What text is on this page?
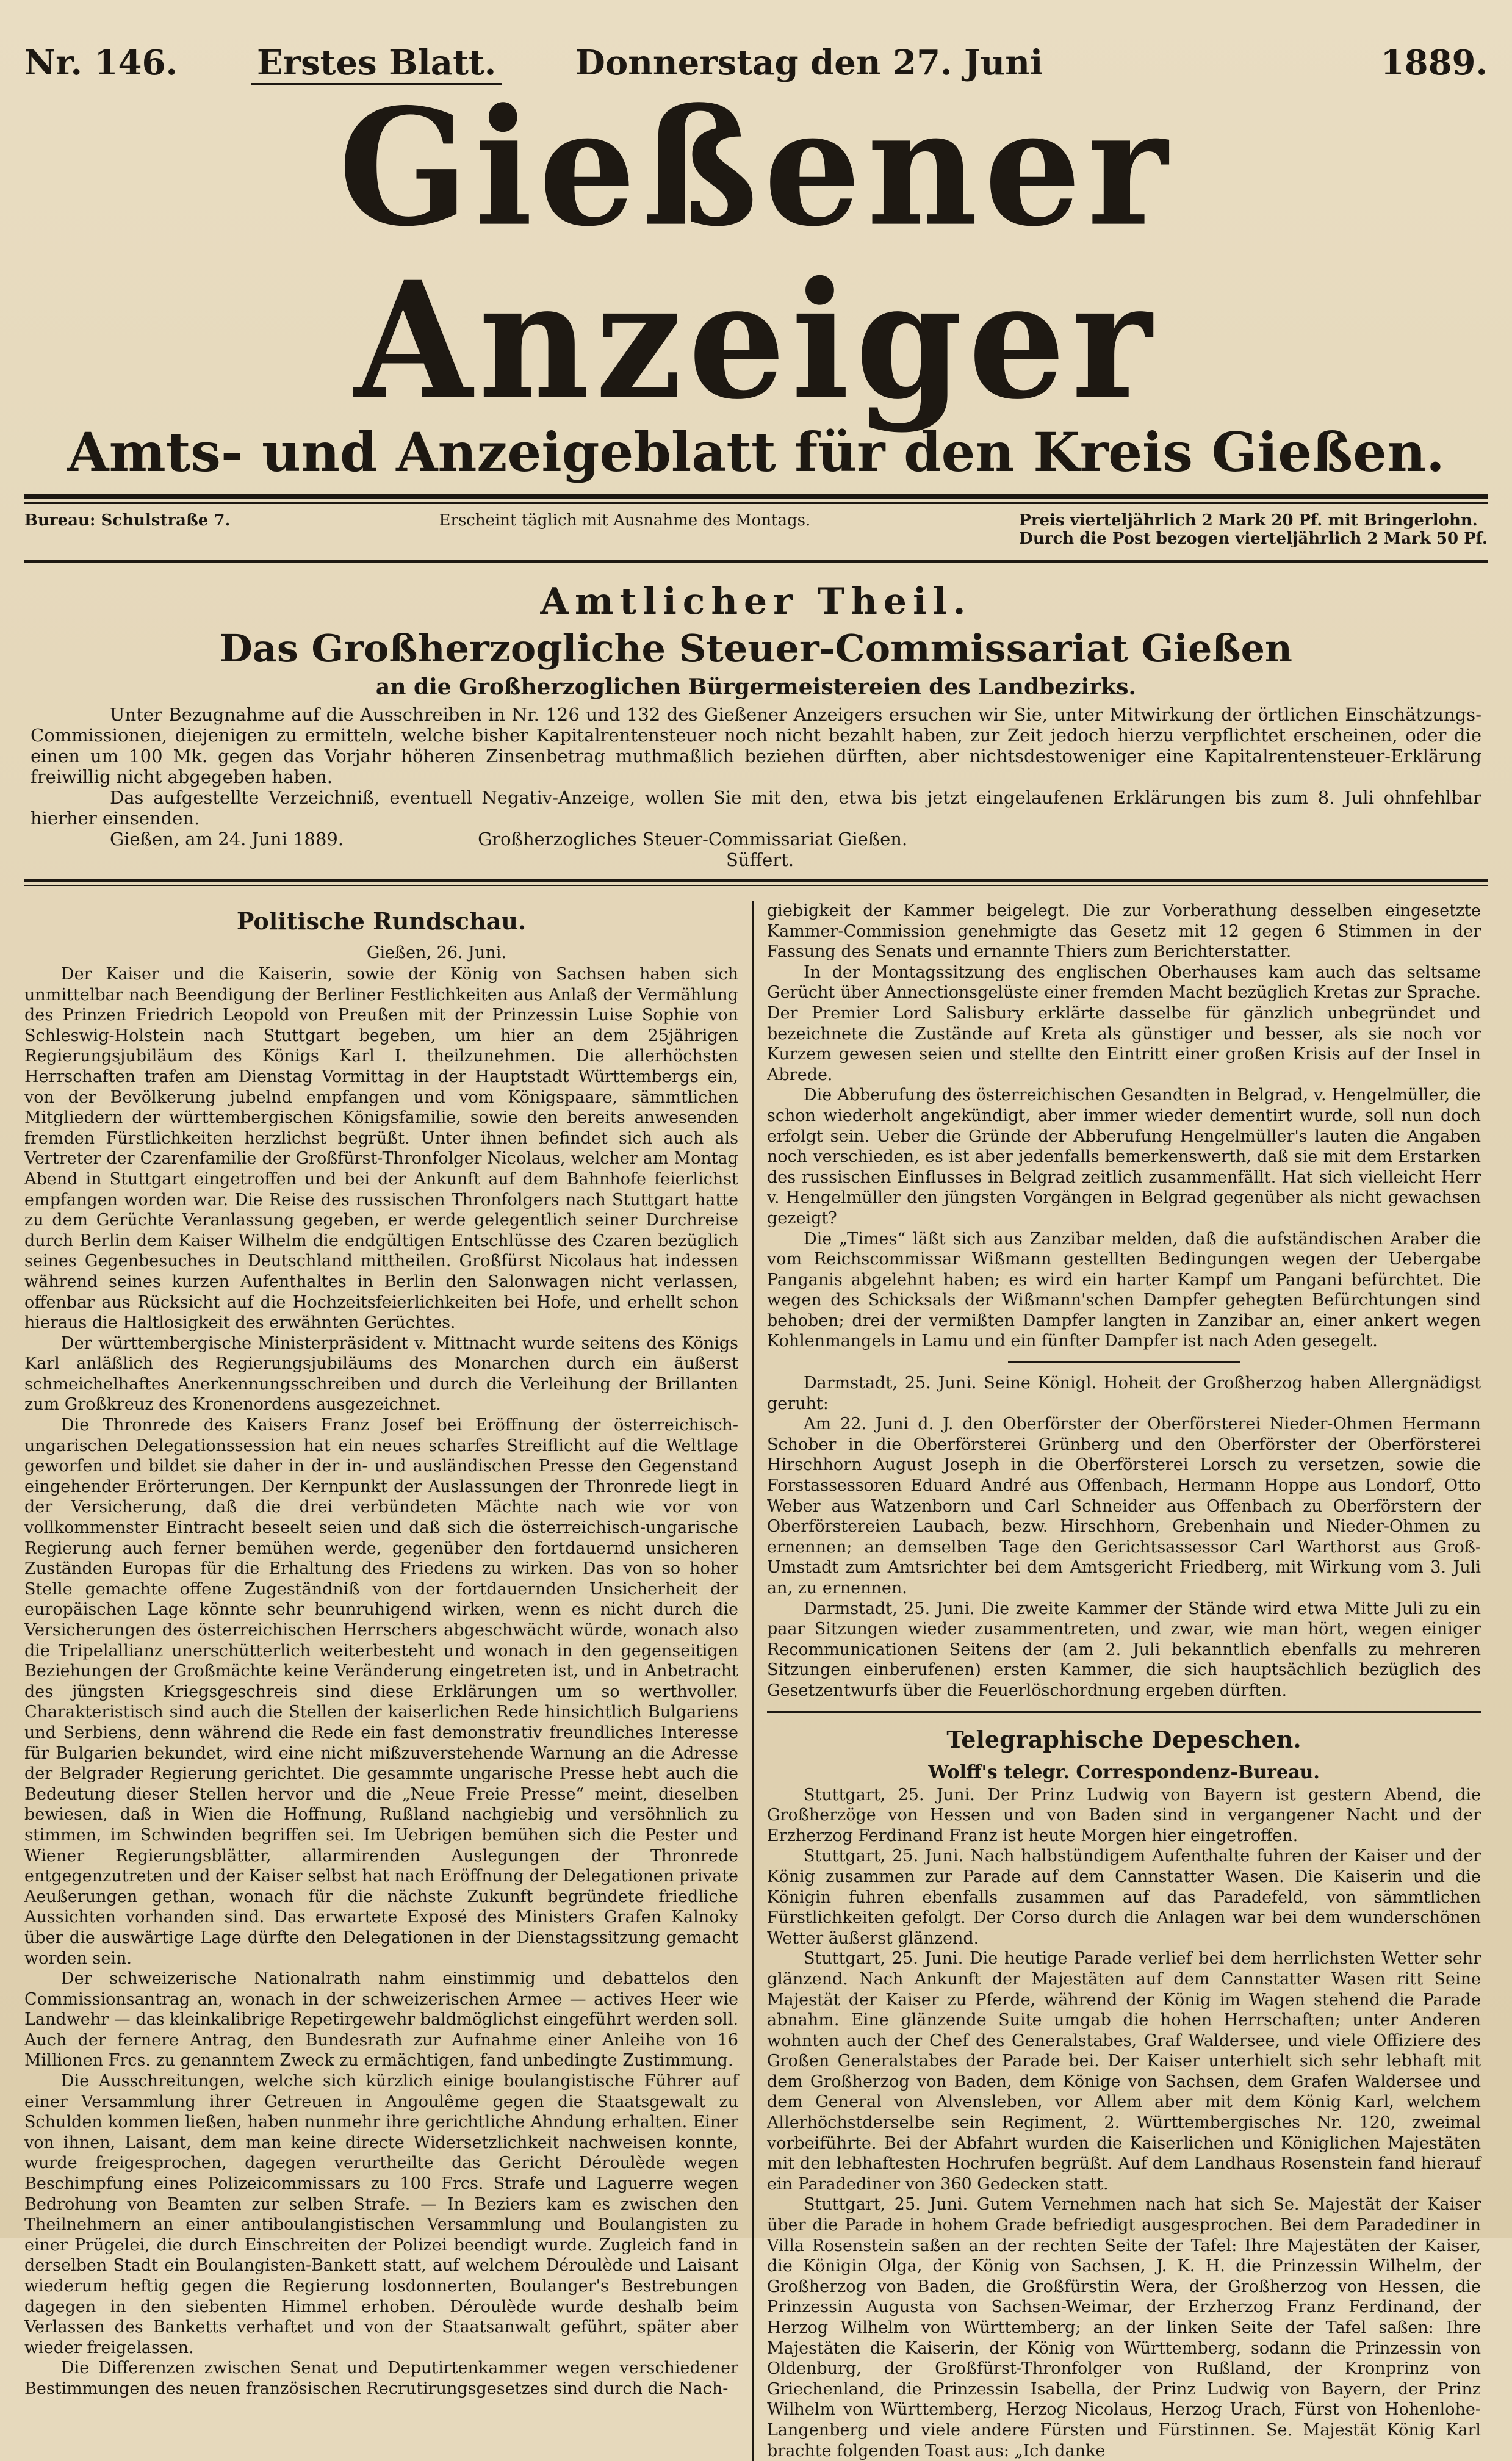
Nr. 146. Erstes Blatt. Donnerstag den 27. Juni	1889.
Gießener Anzeiger
Amts- und Anzeigeblatt für den Kreis Gießen.
Bureau: Schulstraße 7.	Erscheint täglich mit Ausnahme des Montags.	Preis vierteljährlich 2 Mark 20 Pf. mit Bringerlohn.
Durch die Post bezogen vierteljährlich 2 Mark 50 Pf.
Amtlicher Theil.
Das Großherzogliche Steuer-Commissariat Gießen
an die Großherzoglichen Bürgermeistereien des Landbezirks.

Unter Bezugnahme auf die Ausschreiben in Nr. 126 und 132 des Gießener Anzeigers ersuchen wir Sie, unter Mitwirkung der örtlichen Einschätzungs-Commissionen, diejenigen zu ermitteln, welche bisher Kapitalrentensteuer noch nicht bezahlt haben, zur Zeit jedoch hierzu verpflichtet erscheinen, oder die einen um 100 Mk. gegen das Vorjahr höheren Zinsenbetrag muthmaßlich beziehen dürften, aber nichtsdestoweniger eine Kapitalrentensteuer-Erklärung freiwillig nicht abgegeben haben.

Das aufgestellte Verzeichniß, eventuell Negativ-Anzeige, wollen Sie mit den, etwa bis jetzt eingelaufenen Erklärungen bis zum 8. Juli ohnfehlbar hierher einsenden.

Gießen, am 24. Juni 1889.	Großherzogliches Steuer-Commissariat Gießen.
Süffert.
Politische Rundschau.
Gießen, 26. Juni.

Der Kaiser und die Kaiserin, sowie der König von Sachsen haben sich unmittelbar nach Beendigung der Berliner Festlichkeiten aus Anlaß der Vermählung des Prinzen Friedrich Leopold von Preußen mit der Prinzessin Luise Sophie von Schleswig-Holstein nach Stuttgart begeben, um hier an dem 25jährigen Regierungsjubiläum des Königs Karl I. theilzunehmen. Die allerhöchsten Herrschaften trafen am Dienstag Vormittag in der Hauptstadt Württembergs ein, von der Bevölkerung jubelnd empfangen und vom Königspaare, sämmtlichen Mitgliedern der württembergischen Königsfamilie, sowie den bereits anwesenden fremden Fürstlichkeiten herzlichst begrüßt. Unter ihnen befindet sich auch als Vertreter der Czarenfamilie der Großfürst-Thronfolger Nicolaus, welcher am Montag Abend in Stuttgart eingetroffen und bei der Ankunft auf dem Bahnhofe feierlichst empfangen worden war. Die Reise des russischen Thronfolgers nach Stuttgart hatte zu dem Gerüchte Veranlassung gegeben, er werde gelegentlich seiner Durchreise durch Berlin dem Kaiser Wilhelm die endgültigen Entschlüsse des Czaren bezüglich seines Gegenbesuches in Deutschland mittheilen. Großfürst Nicolaus hat indessen während seines kurzen Aufenthaltes in Berlin den Salonwagen nicht verlassen, offenbar aus Rücksicht auf die Hochzeitsfeierlichkeiten bei Hofe, und erhellt schon hieraus die Haltlosigkeit des erwähnten Gerüchtes.

Der württembergische Ministerpräsident v. Mittnacht wurde seitens des Königs Karl anläßlich des Regierungsjubiläums des Monarchen durch ein äußerst schmeichelhaftes Anerkennungsschreiben und durch die Verleihung der Brillanten zum Großkreuz des Kronenordens ausgezeichnet.

Die Thronrede des Kaisers Franz Josef bei Eröffnung der österreichisch-ungarischen Delegationssession hat ein neues scharfes Streiflicht auf die Weltlage geworfen und bildet sie daher in der in- und ausländischen Presse den Gegenstand eingehender Erörterungen. Der Kernpunkt der Auslassungen der Thronrede liegt in der Versicherung, daß die drei verbündeten Mächte nach wie vor von vollkommenster Eintracht beseelt seien und daß sich die österreichisch-ungarische Regierung auch ferner bemühen werde, gegenüber den fortdauernd unsicheren Zuständen Europas für die Erhaltung des Friedens zu wirken. Das von so hoher Stelle gemachte offene Zugeständniß von der fortdauernden Unsicherheit der europäischen Lage könnte sehr beunruhigend wirken, wenn es nicht durch die Versicherungen des österreichischen Herrschers abgeschwächt würde, wonach also die Tripelallianz unerschütterlich weiterbesteht und wonach in den gegenseitigen Beziehungen der Großmächte keine Veränderung eingetreten ist, und in Anbetracht des jüngsten Kriegsgeschreis sind diese Erklärungen um so werthvoller. Charakteristisch sind auch die Stellen der kaiserlichen Rede hinsichtlich Bulgariens und Serbiens, denn während die Rede ein fast demonstrativ freundliches Interesse für Bulgarien bekundet, wird eine nicht mißzuverstehende Warnung an die Adresse der Belgrader Regierung gerichtet. Die gesammte ungarische Presse hebt auch die Bedeutung dieser Stellen hervor und die „Neue Freie Presse“ meint, dieselben bewiesen, daß in Wien die Hoffnung, Rußland nachgiebig und versöhnlich zu stimmen, im Schwinden begriffen sei. Im Uebrigen bemühen sich die Pester und Wiener Regierungsblätter, allarmirenden Auslegungen der Thronrede entgegenzutreten und der Kaiser selbst hat nach Eröffnung der Delegationen private Aeußerungen gethan, wonach für die nächste Zukunft begründete friedliche Aussichten vorhanden sind. Das erwartete Exposé des Ministers Grafen Kalnoky über die auswärtige Lage dürfte den Delegationen in der Dienstagssitzung gemacht worden sein.

Der schweizerische Nationalrath nahm einstimmig und debattelos den Commissionsantrag an, wonach in der schweizerischen Armee — actives Heer wie Landwehr — das kleinkalibrige Repetirgewehr baldmöglichst eingeführt werden soll. Auch der fernere Antrag, den Bundesrath zur Aufnahme einer Anleihe von 16 Millionen Frcs. zu genanntem Zweck zu ermächtigen, fand unbedingte Zustimmung.

Die Ausschreitungen, welche sich kürzlich einige boulangistische Führer auf einer Versammlung ihrer Getreuen in Angoulême gegen die Staatsgewalt zu Schulden kommen ließen, haben nunmehr ihre gerichtliche Ahndung erhalten. Einer von ihnen, Laisant, dem man keine directe Widersetzlichkeit nachweisen konnte, wurde freigesprochen, dagegen verurtheilte das Gericht Déroulède wegen Beschimpfung eines Polizeicommissars zu 100 Frcs. Strafe und Laguerre wegen Bedrohung von Beamten zur selben Strafe. — In Beziers kam es zwischen den Theilnehmern an einer antiboulangistischen Versammlung und Boulangisten zu einer Prügelei, die durch Einschreiten der Polizei beendigt wurde. Zugleich fand in derselben Stadt ein Boulangisten-Bankett statt, auf welchem Déroulède und Laisant wiederum heftig gegen die Regierung losdonnerten, Boulanger's Bestrebungen dagegen in den siebenten Himmel erhoben. Déroulède wurde deshalb beim Verlassen des Banketts verhaftet und von der Staatsanwalt geführt, später aber wieder freigelassen.

Die Differenzen zwischen Senat und Deputirtenkammer wegen verschiedener Bestimmungen des neuen französischen Recrutirungsgesetzes sind durch die Nach-

giebigkeit der Kammer beigelegt. Die zur Vorberathung desselben eingesetzte Kammer-Commission genehmigte das Gesetz mit 12 gegen 6 Stimmen in der Fassung des Senats und ernannte Thiers zum Berichterstatter.

In der Montagssitzung des englischen Oberhauses kam auch das seltsame Gerücht über Annectionsgelüste einer fremden Macht bezüglich Kretas zur Sprache. Der Premier Lord Salisbury erklärte dasselbe für gänzlich unbegründet und bezeichnete die Zustände auf Kreta als günstiger und besser, als sie noch vor Kurzem gewesen seien und stellte den Eintritt einer großen Krisis auf der Insel in Abrede.

Die Abberufung des österreichischen Gesandten in Belgrad, v. Hengelmüller, die schon wiederholt angekündigt, aber immer wieder dementirt wurde, soll nun doch erfolgt sein. Ueber die Gründe der Abberufung Hengelmüller's lauten die Angaben noch verschieden, es ist aber jedenfalls bemerkenswerth, daß sie mit dem Erstarken des russischen Einflusses in Belgrad zeitlich zusammenfällt. Hat sich vielleicht Herr v. Hengelmüller den jüngsten Vorgängen in Belgrad gegenüber als nicht gewachsen gezeigt?

Die „Times“ läßt sich aus Zanzibar melden, daß die aufständischen Araber die vom Reichscommissar Wißmann gestellten Bedingungen wegen der Uebergabe Panganis abgelehnt haben; es wird ein harter Kampf um Pangani befürchtet. Die wegen des Schicksals der Wißmann'schen Dampfer gehegten Befürchtungen sind behoben; drei der vermißten Dampfer langten in Zanzibar an, einer ankert wegen Kohlenmangels in Lamu und ein fünfter Dampfer ist nach Aden gesegelt.

Darmstadt, 25. Juni. Seine Königl. Hoheit der Großherzog haben Allergnädigst geruht:

Am 22. Juni d. J. den Oberförster der Oberförsterei Nieder-Ohmen Hermann Schober in die Oberförsterei Grünberg und den Oberförster der Oberförsterei Hirschhorn August Joseph in die Oberförsterei Lorsch zu versetzen, sowie die Forstassessoren Eduard André aus Offenbach, Hermann Hoppe aus Londorf, Otto Weber aus Watzenborn und Carl Schneider aus Offenbach zu Oberförstern der Oberförstereien Laubach, bezw. Hirschhorn, Grebenhain und Nieder-Ohmen zu ernennen; an demselben Tage den Gerichtsassessor Carl Warthorst aus Groß-Umstadt zum Amtsrichter bei dem Amtsgericht Friedberg, mit Wirkung vom 3. Juli an, zu ernennen.

Darmstadt, 25. Juni. Die zweite Kammer der Stände wird etwa Mitte Juli zu ein paar Sitzungen wieder zusammentreten, und zwar, wie man hört, wegen einiger Recommunicationen Seitens der (am 2. Juli bekanntlich ebenfalls zu mehreren Sitzungen einberufenen) ersten Kammer, die sich hauptsächlich bezüglich des Gesetzentwurfs über die Feuerlöschordnung ergeben dürften.

Telegraphische Depeschen.
Wolff's telegr. Correspondenz-Bureau.

Stuttgart, 25. Juni. Der Prinz Ludwig von Bayern ist gestern Abend, die Großherzöge von Hessen und von Baden sind in vergangener Nacht und der Erzherzog Ferdinand Franz ist heute Morgen hier eingetroffen.

Stuttgart, 25. Juni. Nach halbstündigem Aufenthalte fuhren der Kaiser und der König zusammen zur Parade auf dem Cannstatter Wasen. Die Kaiserin und die Königin fuhren ebenfalls zusammen auf das Paradefeld, von sämmtlichen Fürstlichkeiten gefolgt. Der Corso durch die Anlagen war bei dem wunderschönen Wetter äußerst glänzend.

Stuttgart, 25. Juni. Die heutige Parade verlief bei dem herrlichsten Wetter sehr glänzend. Nach Ankunft der Majestäten auf dem Cannstatter Wasen ritt Seine Majestät der Kaiser zu Pferde, während der König im Wagen stehend die Parade abnahm. Eine glänzende Suite umgab die hohen Herrschaften; unter Anderen wohnten auch der Chef des Generalstabes, Graf Waldersee, und viele Offiziere des Großen Generalstabes der Parade bei. Der Kaiser unterhielt sich sehr lebhaft mit dem Großherzog von Baden, dem Könige von Sachsen, dem Grafen Waldersee und dem General von Alvensleben, vor Allem aber mit dem König Karl, welchem Allerhöchstderselbe sein Regiment, 2. Württembergisches Nr. 120, zweimal vorbeiführte. Bei der Abfahrt wurden die Kaiserlichen und Königlichen Majestäten mit den lebhaftesten Hochrufen begrüßt. Auf dem Landhaus Rosenstein fand hierauf ein Paradediner von 360 Gedecken statt.

Stuttgart, 25. Juni. Gutem Vernehmen nach hat sich Se. Majestät der Kaiser über die Parade in hohem Grade befriedigt ausgesprochen. Bei dem Paradediner in Villa Rosenstein saßen an der rechten Seite der Tafel: Ihre Majestäten der Kaiser, die Königin Olga, der König von Sachsen, J. K. H. die Prinzessin Wilhelm, der Großherzog von Baden, die Großfürstin Wera, der Großherzog von Hessen, die Prinzessin Augusta von Sachsen-Weimar, der Erzherzog Franz Ferdinand, der Herzog Wilhelm von Württemberg; an der linken Seite der Tafel saßen: Ihre Majestäten die Kaiserin, der König von Württemberg, sodann die Prinzessin von Oldenburg, der Großfürst-Thronfolger von Rußland, der Kronprinz von Griechenland, die Prinzessin Isabella, der Prinz Ludwig von Bayern, der Prinz Wilhelm von Württemberg, Herzog Nicolaus, Herzog Urach, Fürst von Hohenlohe-Langenberg und viele andere Fürsten und Fürstinnen. Se. Majestät König Karl brachte folgenden Toast aus: „Ich danke
